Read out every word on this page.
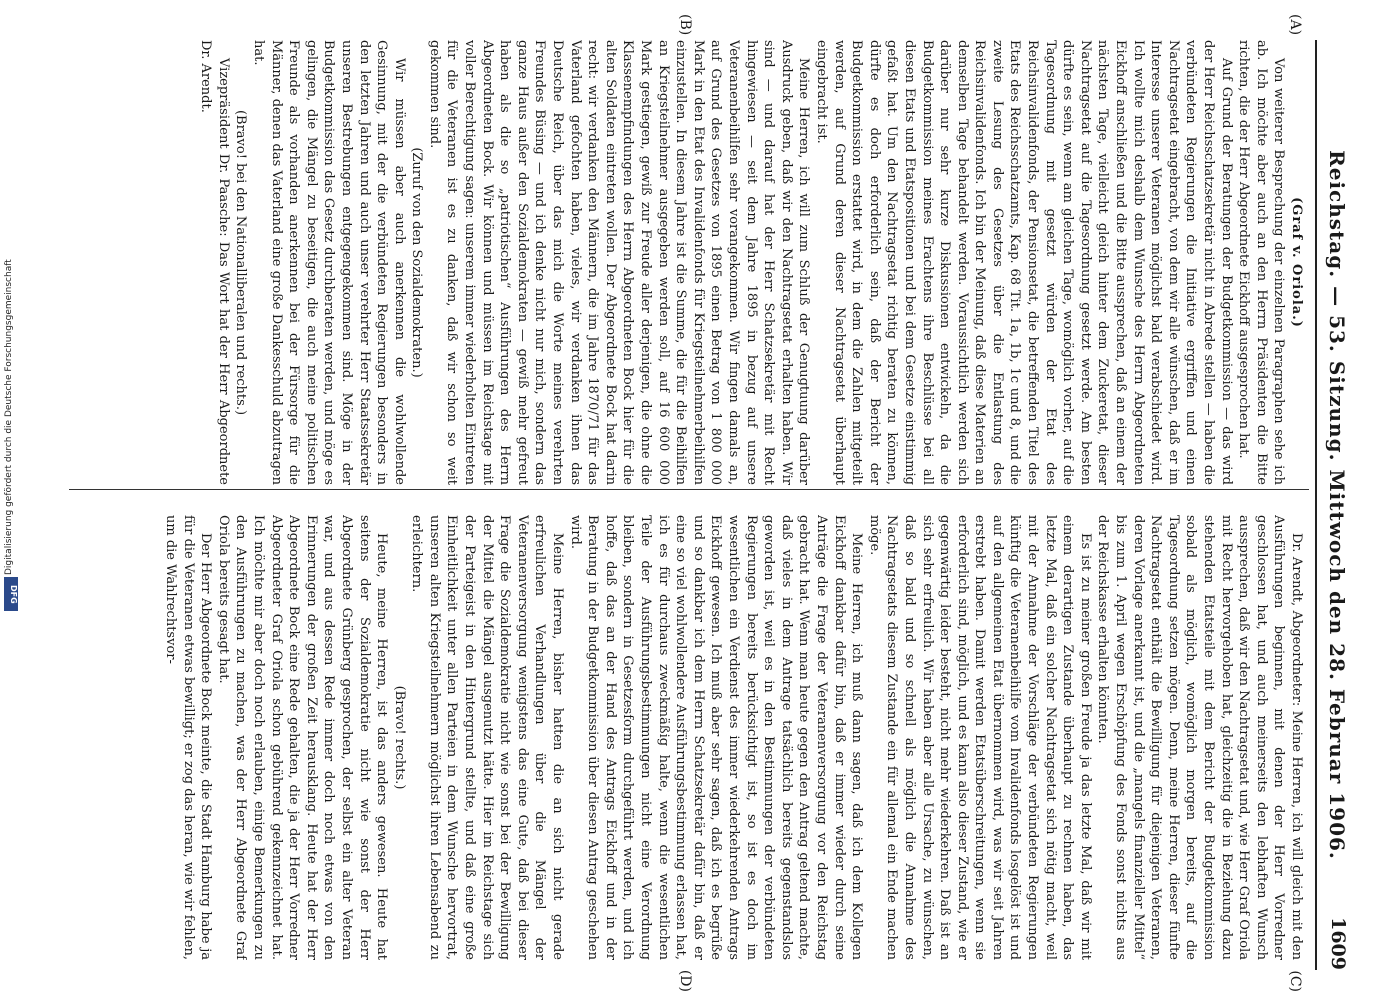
Reichstag. — 53. Sitzung. Mittwoch den 28. Februar 1906.
1609
(A)
(B)
(C)
(D)

(Graf v. Oriola.)

Von weiterer Besprechung der einzelnen Paragraphen sehe ich ab. Ich möchte aber auch an den Herrn Präsidenten die Bitte richten, die der Herr Abgeordnete Eickhoff ausgesprochen hat.

Auf Grund der Beratungen der Budgetkommission — das wird der Herr Reichsschatzsekretär nicht in Abrede stellen — haben die verbündeten Regierungen die Initiative ergriffen und einen Nachtragsetat eingebracht, von dem wir alle wünschen, daß er im Interesse unserer Veteranen möglichst bald verabschiedet wird. Ich wollte mich deshalb dem Wunsche des Herrn Abgeordneten Eickhoff anschließen und die Bitte aussprechen, daß an einem der nächsten Tage, vielleicht gleich hinter dem Zuckeretat, dieser Nachtragsetat auf die Tagesordnung gesetzt werde. Am besten dürfte es sein, wenn am gleichen Tage, womöglich vorher, auf die Tagesordnung mit gesetzt würden der Etat des Reichsinvalidenfonds, der Pensionsetat, die betreffenden Titel des Etats des Reichsschatzamts, Kap. 68 Tit. 1a, 1b, 1c und 8, und die zweite Lesung des Gesetzes über die Entlastung des Reichsinvalidenfonds. Ich bin der Meinung, daß diese Materien an demselben Tage behandelt werden. Voraussichtlich werden sich darüber nur sehr kurze Diskussionen entwickeln, da die Budgetkommission meines Erachtens ihre Beschlüsse bei all diesen Etats und Etatspositionen und bei dem Gesetze einstimmig gefaßt hat. Um den Nachtragsetat richtig beraten zu können, dürfte es doch erforderlich sein, daß der Bericht der Budgetkommission erstattet wird, in dem die Zahlen mitgeteilt werden, auf Grund deren dieser Nachtragsetat überhaupt eingebracht ist.

Meine Herren, ich will zum Schluß der Genugtuung darüber Ausdruck geben, daß wir den Nachtragsetat erhalten haben. Wir sind — und darauf hat der Herr Schatzsekretär mit Recht hingewiesen — seit dem Jahre 1895 in bezug auf unsere Veteranenbeihilfen sehr vorangekommen. Wir fingen damals an, auf Grund des Gesetzes von 1895 einen Betrag von 1 800 000 Mark in den Etat des Invalidenfonds für Kriegsteilnehmerbeihilfen einzustellen. In diesem Jahre ist die Summe, die für die Beihilfen an Kriegsteilnehmer ausgegeben werden soll, auf 16 600 000 Mark gestiegen, gewiß zur Freude aller derjenigen, die ohne die Klassenempfindungen des Herrn Abgeordneten Bock hier für die alten Soldaten eintreten wollen. Der Abgeordnete Bock hat darin recht: wir verdanken den Männern, die im Jahre 1870/71 für das Vaterland gefochten haben, vieles, wir verdanken ihnen das Deutsche Reich, über das mich die Worte meines verehrten Freundes Büsing — und ich denke nicht nur mich, sondern das ganze Haus außer den Sozialdemokraten — gewiß mehr gefreut haben als die so „patriotischen“ Ausführungen des Herrn Abgeordneten Bock. Wir können und müssen im Reichstage mit voller Berechtigung sagen: unserem immer wiederholten Eintreten für die Veteranen ist es zu danken, daß wir schon so weit gekommen sind.

(Zuruf von den Sozialdemokraten.)

Wir müssen aber auch anerkennen die wohlwollende Gesinnung, mit der die verbündeten Regierungen besonders in den letzten Jahren und auch unser verehrter Herr Staatssekretär unseren Bestrebungen entgegengekommen sind. Möge in der Budgetkommission das Gesetz durchberaten werden, und möge es gelingen, die Mängel zu beseitigen, die auch meine politischen Freunde als vorhanden anerkennen bei der Fürsorge für die Männer, denen das Vaterland eine große Dankesschuld abzutragen hat.

(Bravo! bei den Nationalliberalen und rechts.)

Vizepräsident Dr. Paasche: Das Wort hat der Herr Abgeordnete Dr. Arendt.

Dr. Arendt, Abgeordneter: Meine Herren, ich will gleich mit den Ausführungen beginnen, mit denen der Herr Vorredner geschlossen hat, und auch meinerseits den lebhaften Wunsch aussprechen, daß wir den Nachtragsetat und, wie Herr Graf Oriola mit Recht hervorgehoben hat, gleichzeitig die in Beziehung dazu stehenden Etatsteile mit dem Bericht der Budgetkommission sobald als möglich, womöglich morgen bereits, auf die Tagesordnung setzen mögen. Denn, meine Herren, dieser fünfte Nachtragsetat enthält die Bewilligung für diejenigen Veteranen, deren Vorlage anerkannt ist, und die „mangels finanzieller Mittel“ bis zum 1. April wegen Erschöpfung des Fonds sonst nichts aus der Reichskasse erhalten könnten.

Es ist zu meiner großen Freude ja das letzte Mal, daß wir mit einem derartigen Zustande überhaupt zu rechnen haben, das letzte Mal, daß ein solcher Nachtragsetat sich nötig macht, weil mit der Annahme der Vorschläge der verbündeten Regierungen künftig die Veteranenbeihilfe vom Invalidenfonds losgelöst ist und auf den allgemeinen Etat übernommen wird, was wir seit Jahren erstrebt haben. Damit werden Etatsüberschreitungen, wenn sie erforderlich sind, möglich, und es kann also dieser Zustand, wie er gegenwärtig leider besteht, nicht mehr wiederkehren. Daß ist an sich sehr erfreulich. Wir haben aber alle Ursache, zu wünschen, daß so bald und so schnell als möglich die Annahme des Nachtragsetats diesem Zustande ein für allemal ein Ende machen möge.

Meine Herren, ich muß dann sagen, daß ich dem Kollegen Eickhoff dankbar dafür bin, daß er immer wieder durch seine Anträge die Frage der Veteranenversorgung vor den Reichstag gebracht hat. Wenn man heute gegen den Antrag geltend machte, daß vieles in dem Antrage tatsächlich bereits gegenstandslos geworden ist, weil es in den Bestimmungen der verbündeten Regierungen bereits berücksichtigt ist, so ist es doch im wesentlichen ein Verdienst des immer wiederkehrenden Antrags Eickhoff gewesen. Ich muß aber sehr sagen, daß ich es begrüße und so dankbar ich dem Herrn Schatzsekretär dafür bin, daß er eine so viel wohlwollendere Ausführungsbestimmung erlassen hat, ich es für durchaus zweckmäßig halte, wenn die wesentlichen Teile der Ausführungsbestimmungen nicht eine Verordnung bleiben, sondern in Gesetzesform durchgeführt werden, und ich hoffe, daß das an der Hand des Antrags Eickhoff und in der Beratung in der Budgetkommission über diesen Antrag geschehen wird.

Meine Herren, bisher hatten die an sich nicht gerade erfreulichen Verhandlungen über die Mängel der Veteranenversorgung wenigstens das eine Gute, daß bei dieser Frage die Sozialdemokratie nicht wie sonst bei der Bewilligung der Mittel die Mängel ausgenutzt hätte. Hier im Reichstage sich der Parteigeist in den Hintergrund stellte, und daß eine große Einheitlichkeit unter allen Parteien in dem Wunsche hervortrat, unseren alten Kriegsteilnehmern möglichst ihren Lebensabend zu erleichtern.

(Bravo! rechts.)

Heute, meine Herren, ist das anders gewesen. Heute hat seitens der Sozialdemokratie nicht wie sonst der Herr Abgeordnete Grünberg gesprochen, der selbst ein alter Veteran war, und aus dessen Rede immer doch noch etwas von den Erinnerungen der großen Zeit herausklang. Heute hat der Herr Abgeordnete Bock eine Rede gehalten, die ja der Herr Vorredner Abgeordneter Graf Oriola schon gebührend gekennzeichnet hat. Ich möchte mir aber doch noch erlauben, einige Bemerkungen zu den Ausführungen zu machen, was der Herr Abgeordnete Graf Oriola bereits gesagt hat.

Der Herr Abgeordnete Bock meinte, die Stadt Hamburg habe ja für die Veteranen etwas bewilligt; er zog das heran, wie wir fehlen, um die Wahlrechtsvor-

Digitalisierung gefördert durch die Deutsche Forschungsgemeinschaft
DFG
